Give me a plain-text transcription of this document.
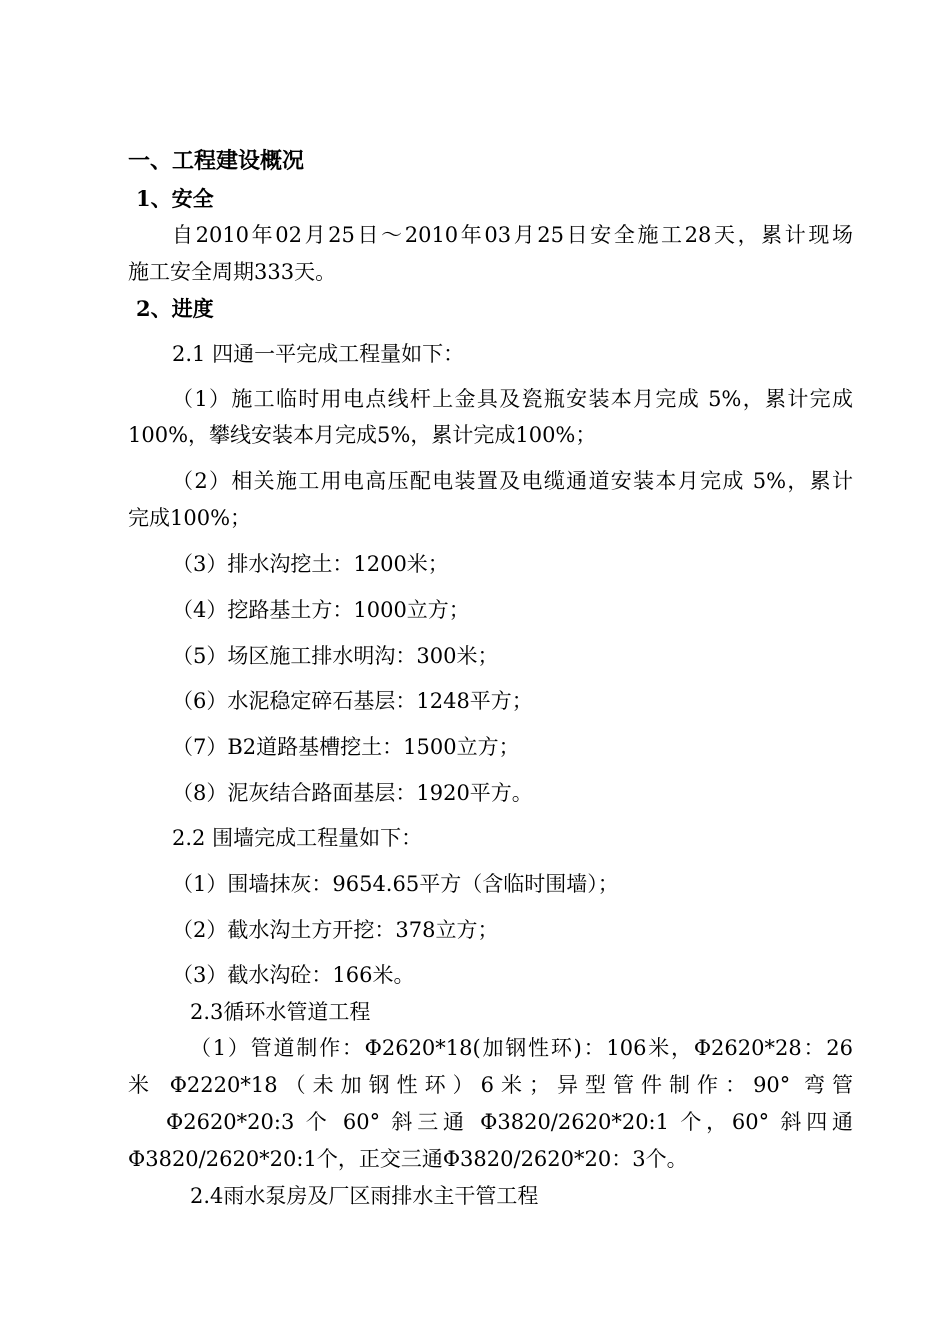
一、工程建设概况
1、安全
自2010年02月25日～2010年03月25日安全施工28天，累计现场
施工安全周期333天。
2、进度
2.1 四通一平完成工程量如下：
（1）施工临时用电点线杆上金具及瓷瓶安装本月完成 5%，累计完成
100%，攀线安装本月完成5%，累计完成100%；
（2）相关施工用电高压配电装置及电缆通道安装本月完成 5%，累计
完成100%；
（3）排水沟挖土：1200米；
（4）挖路基土方：1000立方；
（5）场区施工排水明沟：300米；
（6）水泥稳定碎石基层：1248平方；
（7）B2道路基槽挖土：1500立方；
（8）泥灰结合路面基层：1920平方。
2.2 围墙完成工程量如下：
（1）围墙抹灰：9654.65平方（含临时围墙）；
（2）截水沟土方开挖：378立方；
（3）截水沟砼：166米。
2.3循环水管道工程
（1）管道制作：Φ2620*18(加钢性环)：106米，Φ2620*28：26
米 Φ2220*18（未加钢性环）6米；异型管件制作：90° 弯管
Φ2620*20:3 个 60° 斜三通 Φ3820/2620*20:1 个，60° 斜四通
Φ3820/2620*20:1个，正交三通Φ3820/2620*20：3个。
2.4雨水泵房及厂区雨排水主干管工程
